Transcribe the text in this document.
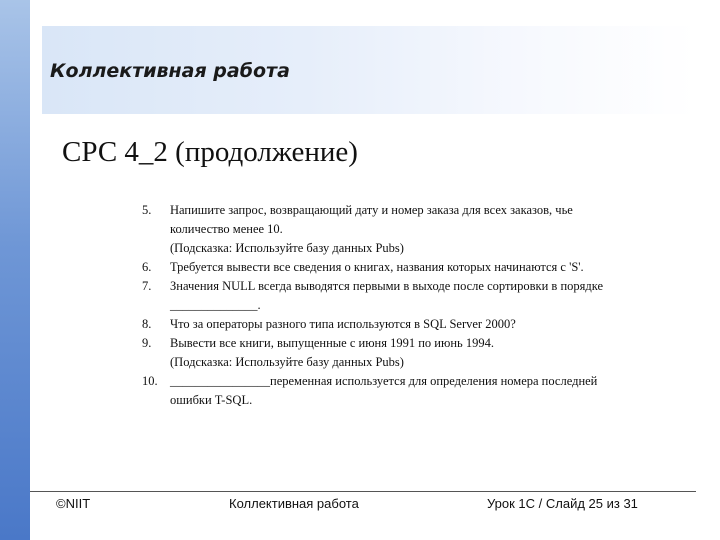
Коллективная работа
СРС 4_2 (продолжение)
5.	Напишите запрос, возвращающий дату и номер заказа для всех заказов, чье
количество менее 10.
(Подсказка: Используйте базу данных Pubs)
6.	Требуется вывести все сведения о книгах, названия которых начинаются с 'S'.
7.	Значения NULL всегда выводятся первыми в выходе после сортировки в порядке
______________.
8.	Что за операторы разного типа используются в SQL Server 2000?
9.	Вывести все книги, выпущенные с июня 1991 по июнь 1994.
(Подсказка: Используйте базу данных Pubs)
10. ________________переменная используется для определения номера последней
ошибки T-SQL.
©NIIT	Коллективная работа	Урок 1C / Слайд 25 из 31
